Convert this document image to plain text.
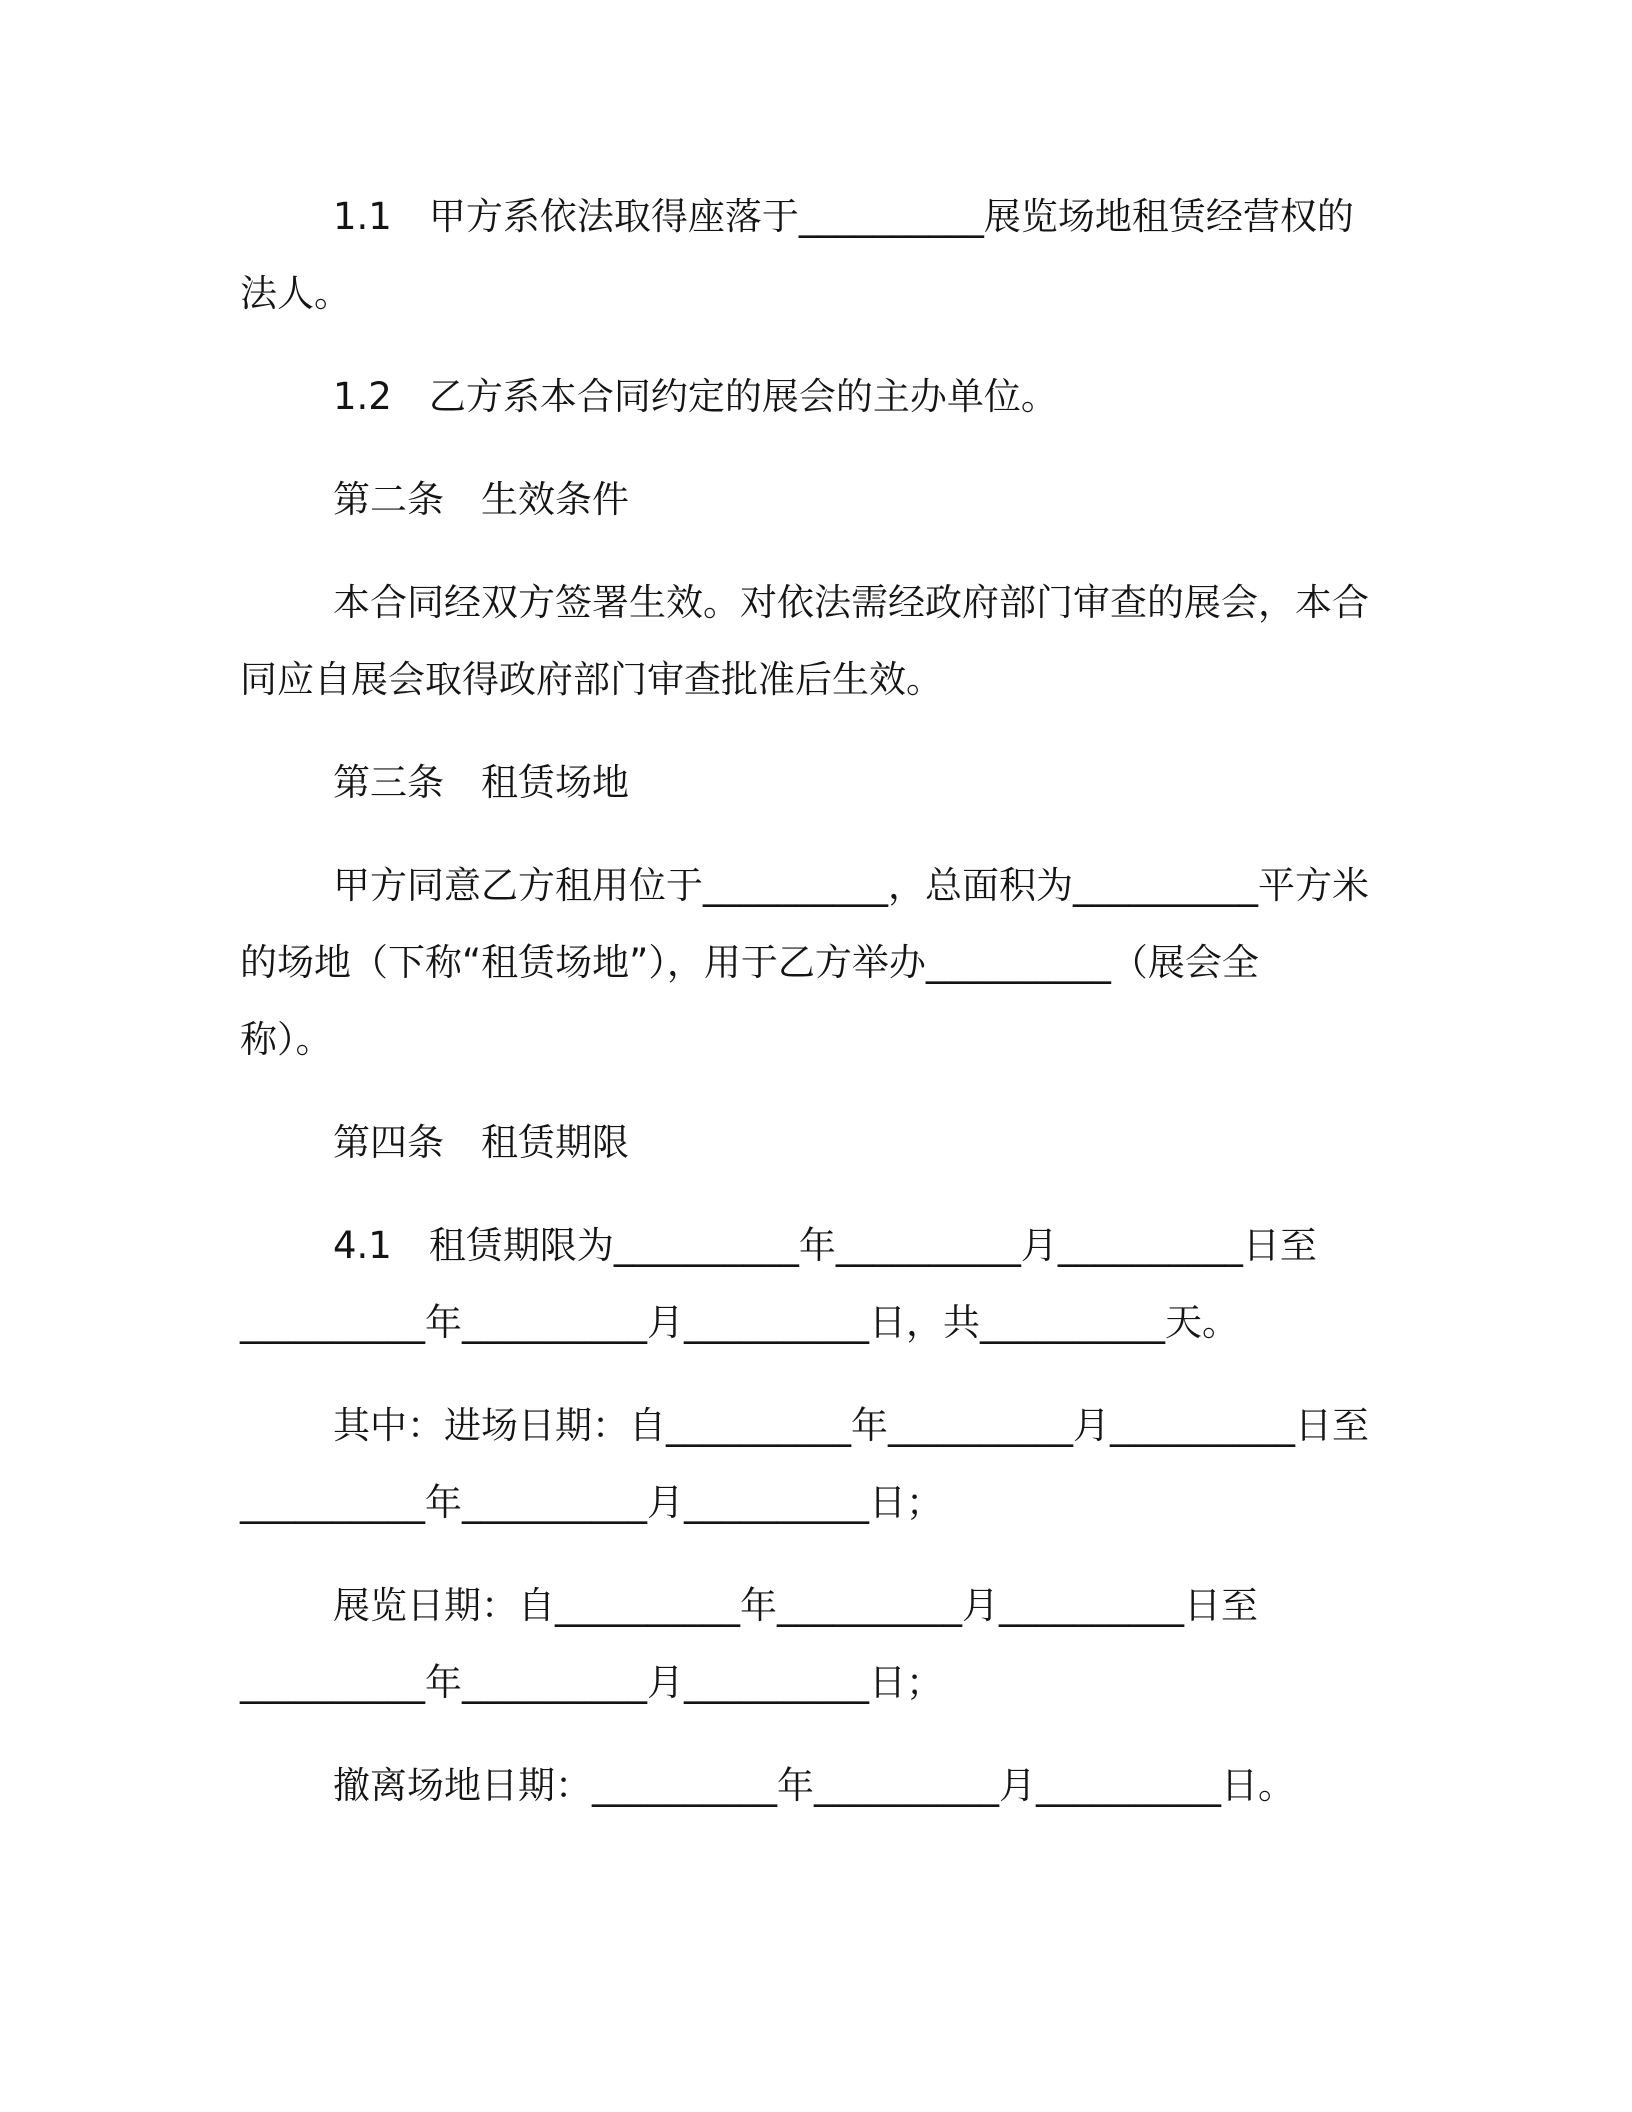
1.1 甲方系依法取得座落于__________展览场地租赁经营权的
法人。
1.2 乙方系本合同约定的展会的主办单位。
第二条 生效条件
本合同经双方签署生效。对依法需经政府部门审查的展会，本合
同应自展会取得政府部门审查批准后生效。
第三条 租赁场地
甲方同意乙方租用位于__________，总面积为__________平方米
的场地（下称“租赁场地”），用于乙方举办__________（展会全
称）。
第四条 租赁期限
4.1 租赁期限为__________年__________月__________日至
__________年__________月__________日，共__________天。
其中：进场日期：自__________年__________月__________日至
__________年__________月__________日；
展览日期：自__________年__________月__________日至
__________年__________月__________日；
撤离场地日期：__________年__________月__________日。
